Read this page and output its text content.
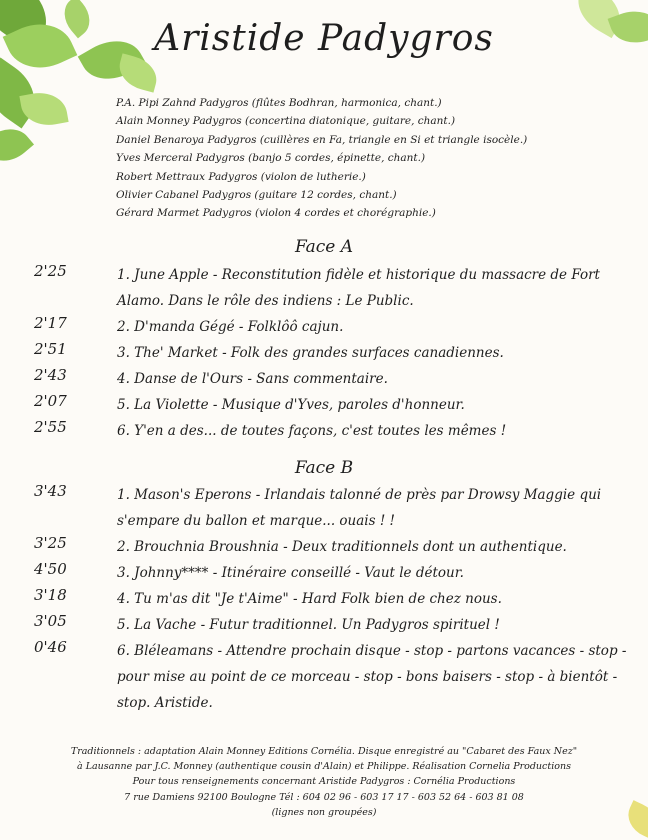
Aristide Padygros
P.A. Pipi Zahnd Padygros (flûtes Bodhran, harmonica, chant.)
Alain Monney Padygros (concertina diatonique, guitare, chant.)
Daniel Benaroya Padygros (cuillères en Fa, triangle en Si et triangle isocèle.)
Yves Merceral Padygros (banjo 5 cordes, épinette, chant.)
Robert Mettraux Padygros (violon de lutherie.)
Olivier Cabanel Padygros (guitare 12 cordes, chant.)
Gérard Marmet Padygros (violon 4 cordes et chorégraphie.)
Face A
2'25	1. June Apple - Reconstitution fidèle et historique du massacre de Fort Alamo. Dans le rôle des indiens : Le Public.
2'17	2. D'manda Gégé - Folklôô cajun.
2'51	3. The' Market - Folk des grandes surfaces canadiennes.
2'43	4. Danse de l'Ours - Sans commentaire.
2'07	5. La Violette - Musique d'Yves, paroles d'honneur.
2'55	6. Y'en a des... de toutes façons, c'est toutes les mêmes !
Face B
3'43	1. Mason's Eperons - Irlandais talonné de près par Drowsy Maggie qui s'empare du ballon et marque... ouais ! !
3'25	2. Brouchnia Broushnia - Deux traditionnels dont un authentique.
4'50	3. Johnny**** - Itinéraire conseillé - Vaut le détour.
3'18	4. Tu m'as dit "Je t'Aime" - Hard Folk bien de chez nous.
3'05	5. La Vache - Futur traditionnel. Un Padygros spirituel !
0'46	6. Bléleamans - Attendre prochain disque - stop - partons vacances - stop - pour mise au point de ce morceau - stop - bons baisers - stop - à bientôt - stop. Aristide.
Traditionnels : adaptation Alain Monney Editions Cornélia. Disque enregistré au "Cabaret des Faux Nez"
à Lausanne par J.C. Monney (authentique cousin d'Alain) et Philippe. Réalisation Cornelia Productions
Pour tous renseignements concernant Aristide Padygros : Cornélia Productions
7 rue Damiens 92100 Boulogne Tél : 604 02 96 - 603 17 17 - 603 52 64 - 603 81 08
(lignes non groupées)
